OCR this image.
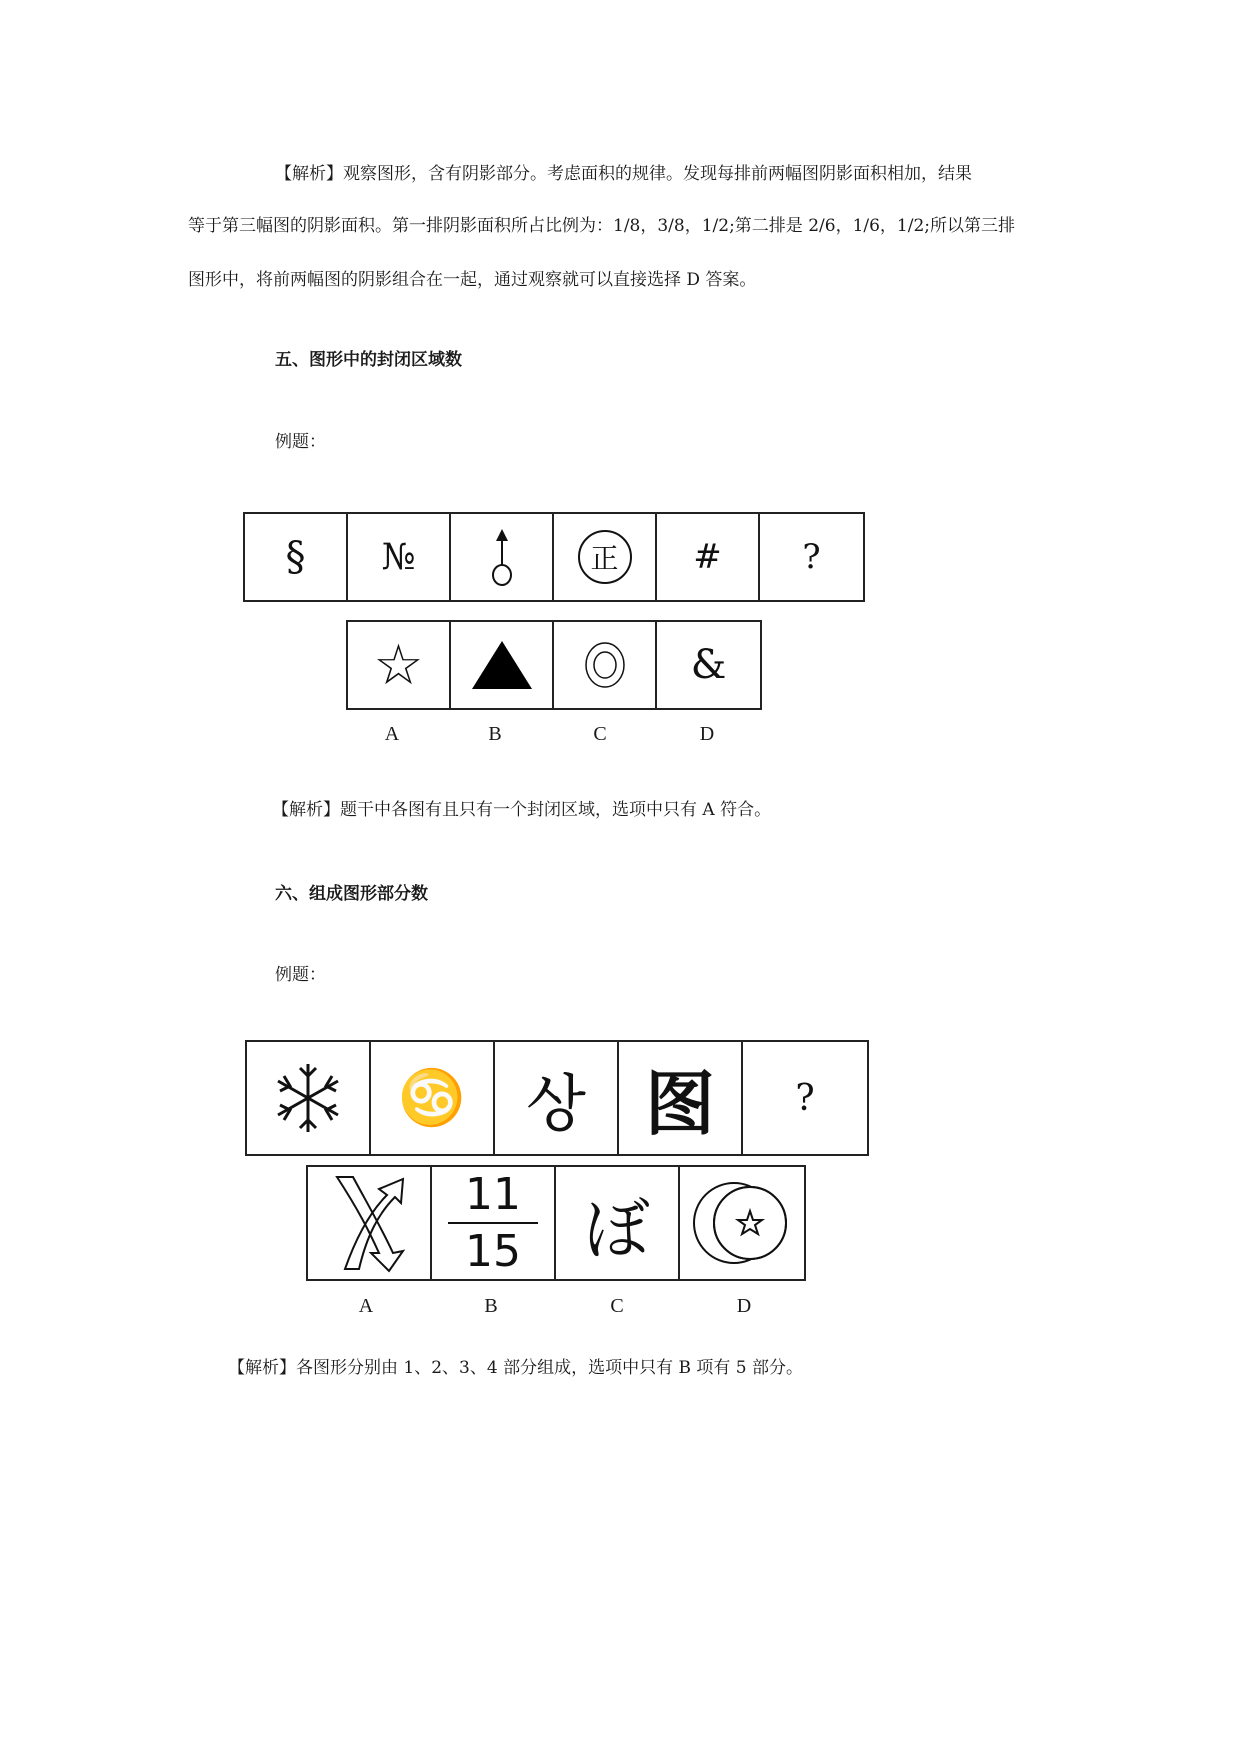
【解析】观察图形，含有阴影部分。考虑面积的规律。发现每排前两幅图阴影面积相加，结果
等于第三幅图的阴影面积。第一排阴影面积所占比例为：1/8，3/8，1/2;第二排是 2/6，1/6，1/2;所以第三排
图形中，将前两幅图的阴影组合在一起，通过观察就可以直接选择 D 答案。
五、图形中的封闭区域数
例题：
§	№	正	#	?
☆	&
A	B	C	D
【解析】题干中各图有且只有一个封闭区域，选项中只有 A 符合。
六、组成图形部分数
例题：
♋ 상 图	?
11
15 ぼ
A	B	C	D
【解析】各图形分别由 1、2、3、4 部分组成，选项中只有 B 项有 5 部分。
